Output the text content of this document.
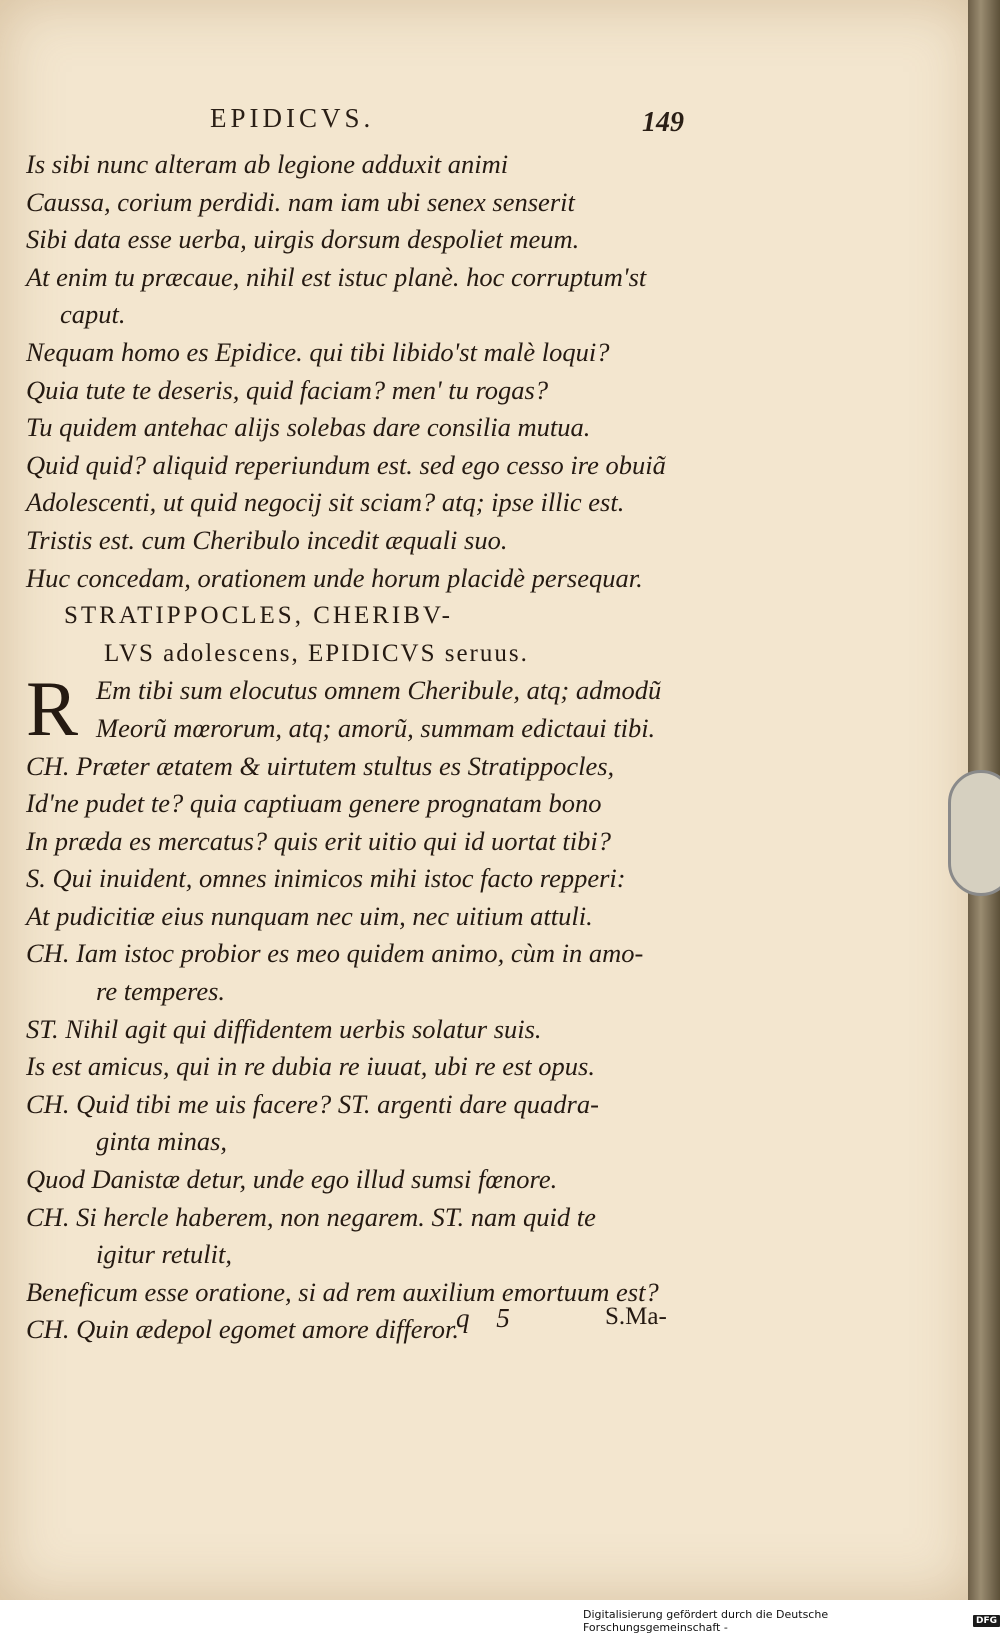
EPIDICVS.	149
Is sibi nunc alteram ab legione adduxit animi
Caussa, corium perdidi. nam iam ubi senex senserit
Sibi data esse uerba, uirgis dorsum despoliet meum.
At enim tu præcaue, nihil est istuc planè. hoc corruptum'st
caput.
Nequam homo es Epidice. qui tibi libido'st malè loqui?
Quia tute te deseris, quid faciam? men' tu rogas?
Tu quidem antehac alijs solebas dare consilia mutua.
Quid quid? aliquid reperiundum est. sed ego cesso ire obuiã
Adolescenti, ut quid negocij sit sciam? atq; ipse illic est.
Tristis est. cum Cheribulo incedit æquali suo.
Huc concedam, orationem unde horum placidè persequar.
STRATIPPOCLES, CHERIBV-
LVS adolescens, EPIDICVS seruus.
R Em tibi sum elocutus omnem Cheribule, atq; admodũ
Meorũ mœrorum, atq; amorũ, summam edictaui tibi.
CH. Præter ætatem & uirtutem stultus es Stratippocles,
Id'ne pudet te? quia captiuam genere prognatam bono
In præda es mercatus? quis erit uitio qui id uortat tibi?
S. Qui inuident, omnes inimicos mihi istoc facto repperi:
At pudicitiæ eius nunquam nec uim, nec uitium attuli.
CH. Iam istoc probior es meo quidem animo, cùm in amo-
re temperes.
ST. Nihil agit qui diffidentem uerbis solatur suis.
Is est amicus, qui in re dubia re iuuat, ubi re est opus.
CH. Quid tibi me uis facere? ST. argenti dare quadra-
ginta minas,
Quod Danistæ detur, unde ego illud sumsi fœnore.
CH. Si hercle haberem, non negarem. ST. nam quid te
igitur retulit,
Beneficum esse oratione, si ad rem auxilium emortuum est?
CH. Quin ædepol egomet amore differor.
q 5	S.Ma-
Digitalisierung gefördert durch die Deutsche Forschungsgemeinschaft -	DFG
